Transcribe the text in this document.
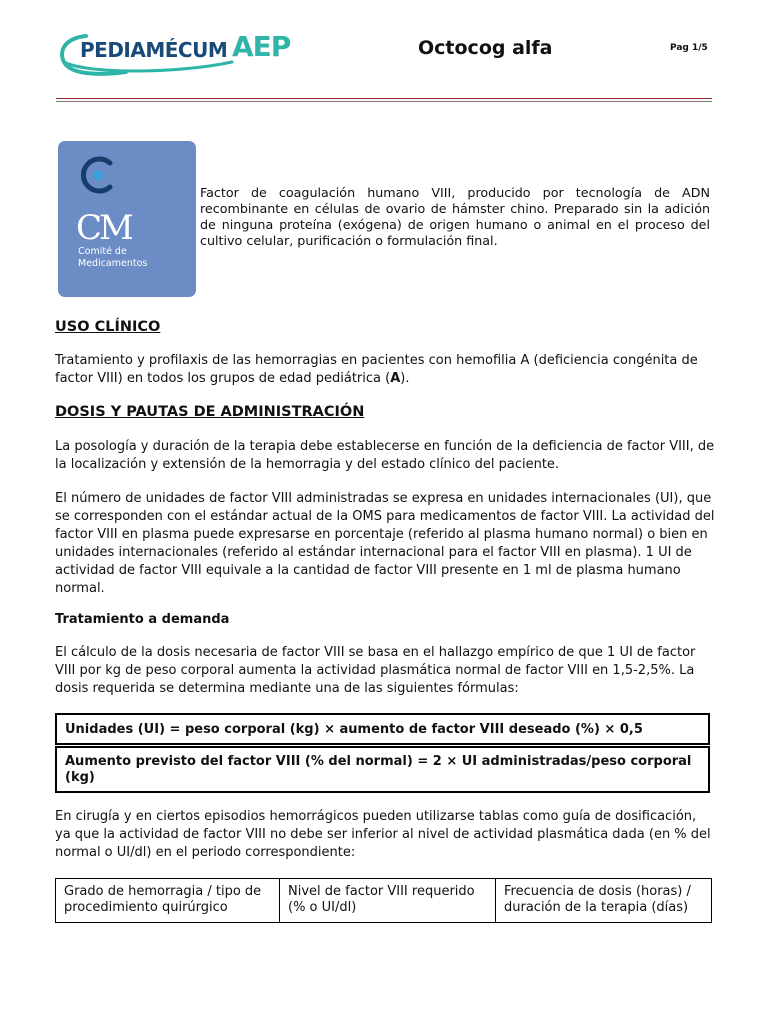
PEDIAMÉCUM AEP	Octocog alfa	Pag 1/5
CM
Comité de
Medicamentos
Factor de coagulación humano VIII, producido por tecnología de ADN recombinante en células de ovario de hámster chino. Preparado sin la adición de ninguna proteína (exógena) de origen humano o animal en el proceso del cultivo celular, purificación o formulación final.
USO CLÍNICO
Tratamiento y profilaxis de las hemorragias en pacientes con hemofilia A (deficiencia congénita de factor VIII) en todos los grupos de edad pediátrica (A).
DOSIS Y PAUTAS DE ADMINISTRACIÓN
La posología y duración de la terapia debe establecerse en función de la deficiencia de factor VIII, de la localización y extensión de la hemorragia y del estado clínico del paciente.
El número de unidades de factor VIII administradas se expresa en unidades internacionales (UI), que se corresponden con el estándar actual de la OMS para medicamentos de factor VIII. La actividad del factor VIII en plasma puede expresarse en porcentaje (referido al plasma humano normal) o bien en unidades internacionales (referido al estándar internacional para el factor VIII en plasma). 1 UI de actividad de factor VIII equivale a la cantidad de factor VIII presente en 1 ml de plasma humano normal.
Tratamiento a demanda
El cálculo de la dosis necesaria de factor VIII se basa en el hallazgo empírico de que 1 UI de factor VIII por kg de peso corporal aumenta la actividad plasmática normal de factor VIII en 1,5-2,5%. La dosis requerida se determina mediante una de las siguientes fórmulas:
Unidades (UI) = peso corporal (kg) × aumento de factor VIII deseado (%) × 0,5
Aumento previsto del factor VIII (% del normal) = 2 × UI administradas/peso corporal (kg)
En cirugía y en ciertos episodios hemorrágicos pueden utilizarse tablas como guía de dosificación, ya que la actividad de factor VIII no debe ser inferior al nivel de actividad plasmática dada (en % del normal o UI/dl) en el periodo correspondiente:
Grado de hemorragia / tipo de procedimiento quirúrgico	Nivel de factor VIII requerido (% o UI/dl)	Frecuencia de dosis (horas) / duración de la terapia (días)
